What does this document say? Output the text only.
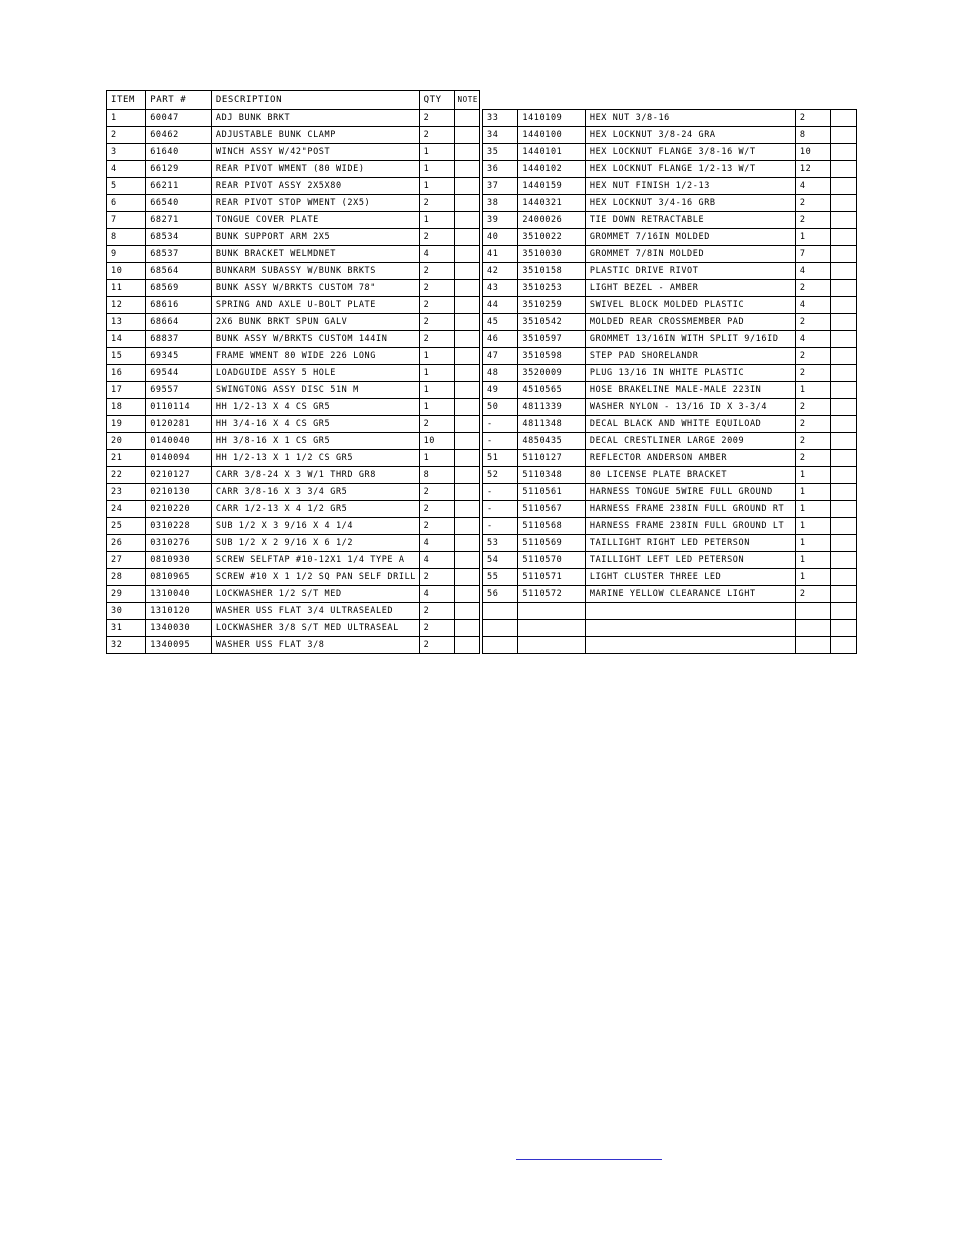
ITEM	PART #	DESCRIPTION	QTY	NOTE
1	60047	ADJ BUNK BRKT	2	
2	60462	ADJUSTABLE BUNK CLAMP	2	
3	61640	WINCH ASSY W/42"POST	1	
4	66129	REAR PIVOT WMENT (80 WIDE)	1	
5	66211	REAR PIVOT ASSY 2X5X80	1	
6	66540	REAR PIVOT STOP WMENT (2X5)	2	
7	68271	TONGUE COVER PLATE	1	
8	68534	BUNK SUPPORT ARM 2X5	2	
9	68537	BUNK BRACKET WELMDNET	4	
10	68564	BUNKARM SUBASSY W/BUNK BRKTS	2	
11	68569	BUNK ASSY W/BRKTS CUSTOM 78"	2	
12	68616	SPRING AND AXLE U-BOLT PLATE	2	
13	68664	2X6 BUNK BRKT SPUN GALV	2	
14	68837	BUNK ASSY W/BRKTS CUSTOM 144IN	2	
15	69345	FRAME WMENT 80 WIDE 226 LONG	1	
16	69544	LOADGUIDE ASSY 5 HOLE	1	
17	69557	SWINGTONG ASSY DISC 51N M	1	
18	0110114	HH 1/2-13 X 4 CS GR5	1	
19	0120281	HH 3/4-16 X 4 CS GR5	2	
20	0140040	HH 3/8-16 X 1 CS GR5	10	
21	0140094	HH 1/2-13 X 1 1/2 CS GR5	1	
22	0210127	CARR 3/8-24 X 3 W/1 THRD GR8	8	
23	0210130	CARR 3/8-16 X 3 3/4 GR5	2	
24	0210220	CARR 1/2-13 X 4 1/2 GR5	2	
25	0310228	SUB 1/2 X 3 9/16 X 4 1/4	2	
26	0310276	SUB 1/2 X 2 9/16 X 6 1/2	4	
27	0810930	SCREW SELFTAP #10-12X1 1/4 TYPE A	4	
28	0810965	SCREW #10 X 1 1/2 SQ PAN SELF DRILL	2	
29	1310040	LOCKWASHER 1/2 S/T MED	4	
30	1310120	WASHER USS FLAT 3/4 ULTRASEALED	2	
31	1340030	LOCKWASHER 3/8 S/T MED ULTRASEAL	2	
32	1340095	WASHER USS FLAT 3/8	2	
33	1410109	HEX NUT 3/8-16	2	
34	1440100	HEX LOCKNUT 3/8-24 GRA	8	
35	1440101	HEX LOCKNUT FLANGE 3/8-16 W/T	10	
36	1440102	HEX LOCKNUT FLANGE 1/2-13 W/T	12	
37	1440159	HEX NUT FINISH 1/2-13	4	
38	1440321	HEX LOCKNUT 3/4-16 GRB	2	
39	2400026	TIE DOWN RETRACTABLE	2	
40	3510022	GROMMET 7/16IN MOLDED	1	
41	3510030	GROMMET 7/8IN MOLDED	7	
42	3510158	PLASTIC DRIVE RIVOT	4	
43	3510253	LIGHT BEZEL - AMBER	2	
44	3510259	SWIVEL BLOCK MOLDED PLASTIC	4	
45	3510542	MOLDED REAR CROSSMEMBER PAD	2	
46	3510597	GROMMET 13/16IN WITH SPLIT 9/16ID	4	
47	3510598	STEP PAD SHORELANDR	2	
48	3520009	PLUG 13/16 IN WHITE PLASTIC	2	
49	4510565	HOSE BRAKELINE MALE-MALE 223IN	1	
50	4811339	WASHER NYLON - 13/16 ID X 3-3/4	2	
-	4811348	DECAL BLACK AND WHITE EQUILOAD	2	
-	4850435	DECAL CRESTLINER LARGE 2009	2	
51	5110127	REFLECTOR ANDERSON AMBER	2	
52	5110348	80 LICENSE PLATE BRACKET	1	
-	5110561	HARNESS TONGUE 5WIRE FULL GROUND	1	
-	5110567	HARNESS FRAME 238IN FULL GROUND RT	1	
-	5110568	HARNESS FRAME 238IN FULL GROUND LT	1	
53	5110569	TAILLIGHT RIGHT LED PETERSON	1	
54	5110570	TAILLIGHT LEFT LED PETERSON	1	
55	5110571	LIGHT CLUSTER THREE LED	1	
56	5110572	MARINE YELLOW CLEARANCE LIGHT	2	
